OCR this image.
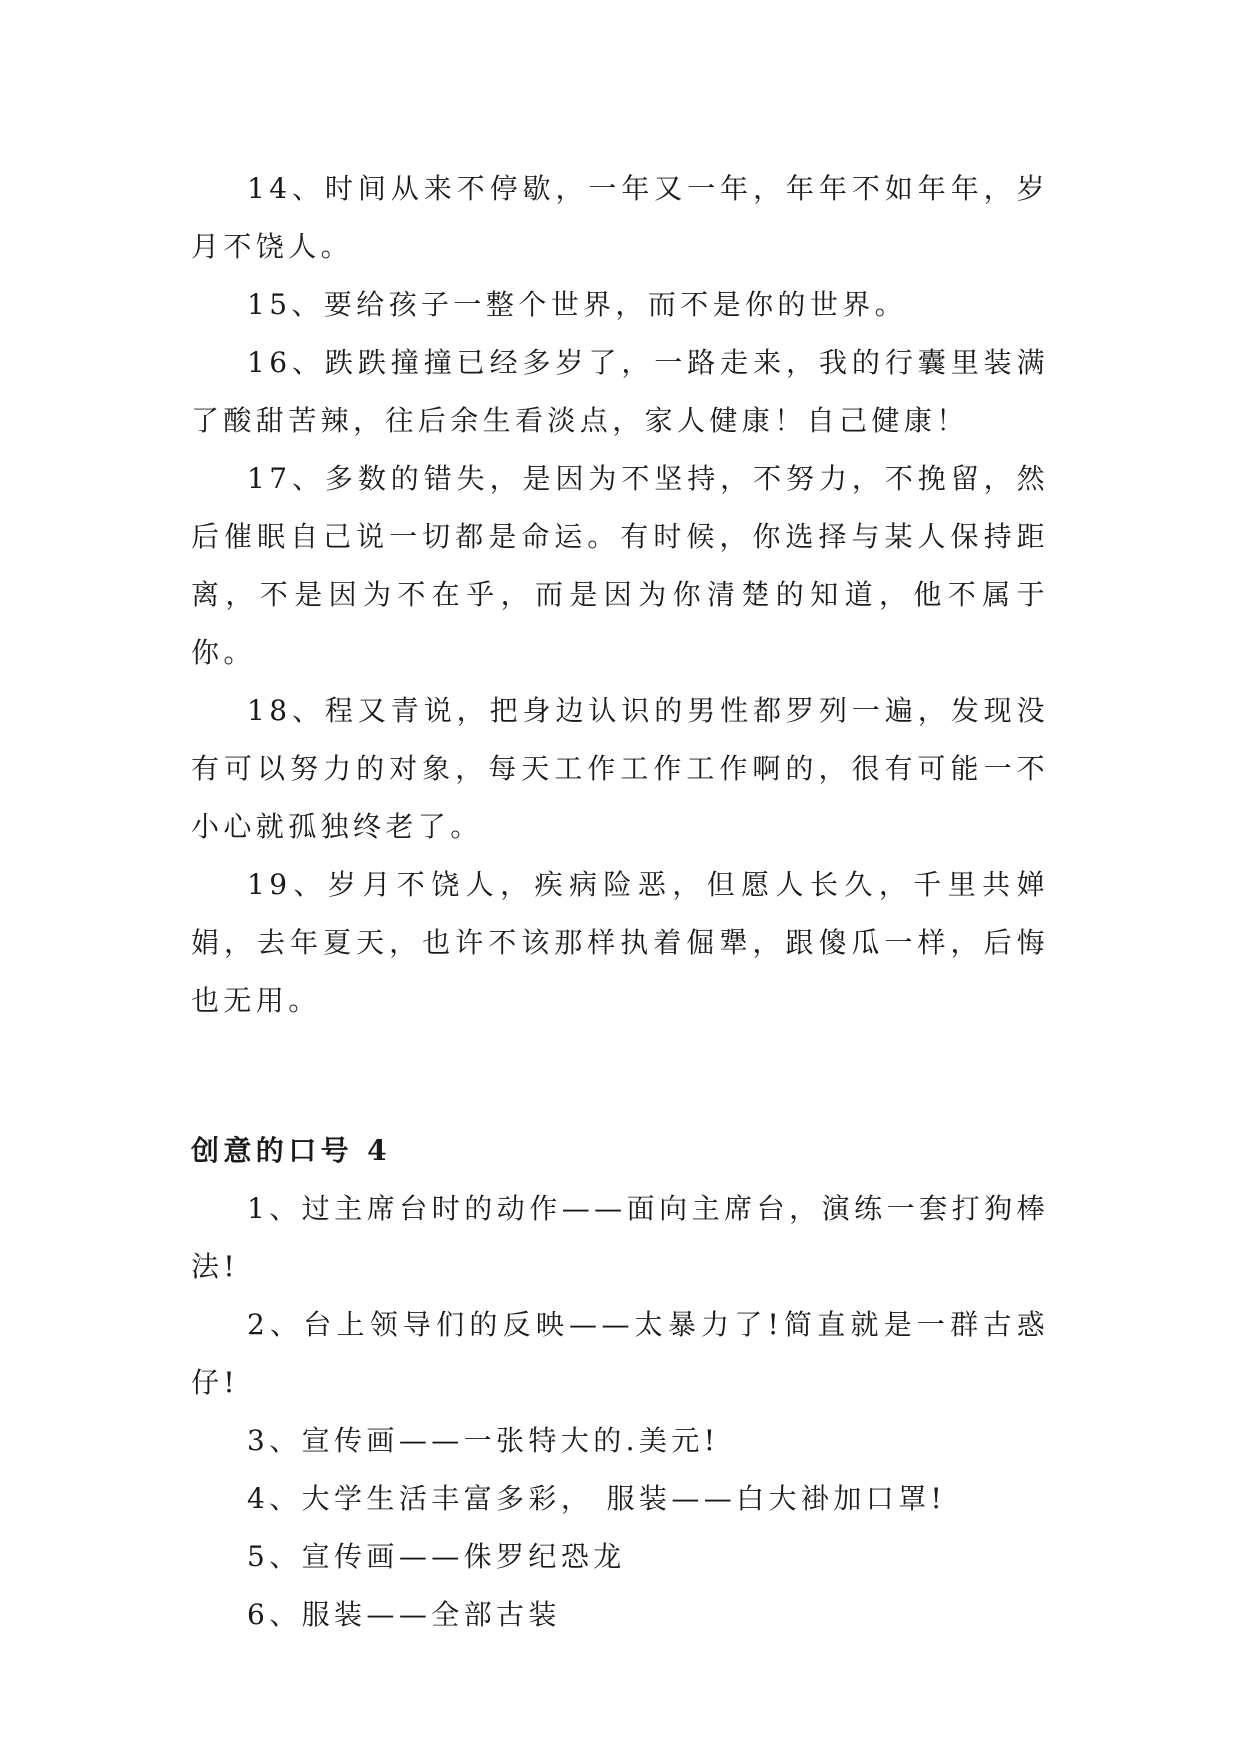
14、时间从来不停歇，一年又一年，年年不如年年，岁月不饶人。

15、要给孩子一整个世界，而不是你的世界。

16、跌跌撞撞已经多岁了，一路走来，我的行囊里装满了酸甜苦辣，往后余生看淡点，家人健康！自己健康！

17、多数的错失，是因为不坚持，不努力，不挽留，然后催眠自己说一切都是命运。有时候，你选择与某人保持距离，不是因为不在乎，而是因为你清楚的知道，他不属于你。

18、程又青说，把身边认识的男性都罗列一遍，发现没有可以努力的对象，每天工作工作工作啊的，很有可能一不小心就孤独终老了。

19、岁月不饶人，疾病险恶，但愿人长久，千里共婵娟，去年夏天，也许不该那样执着倔犟，跟傻瓜一样，后悔也无用。

创意的口号 4

1、过主席台时的动作——面向主席台，演练一套打狗棒法!

2、台上领导们的反映——太暴力了!简直就是一群古惑仔!

3、宣传画——一张特大的.美元!

4、大学生活丰富多彩， 服装——白大褂加口罩!

5、宣传画——侏罗纪恐龙

6、服装——全部古装
